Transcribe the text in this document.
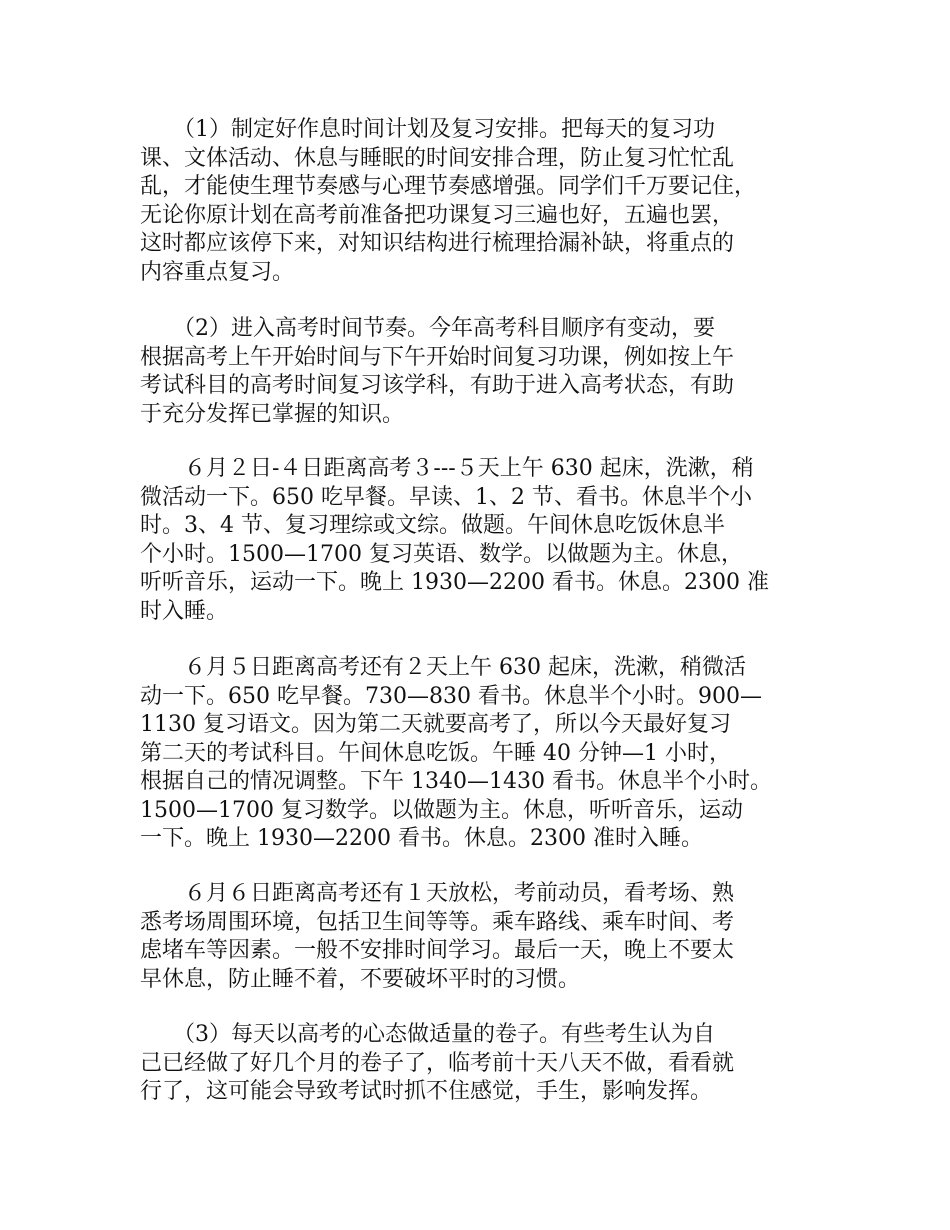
　　（1）制定好作息时间计划及复习安排。把每天的复习功
课、文体活动、休息与睡眠的时间安排合理，防止复习忙忙乱
乱，才能使生理节奏感与心理节奏感增强。同学们千万要记住，
无论你原计划在高考前准备把功课复习三遍也好，五遍也罢，
这时都应该停下来，对知识结构进行梳理拾漏补缺，将重点的
内容重点复习。

　　（2）进入高考时间节奏。今年高考科目顺序有变动，要
根据高考上午开始时间与下午开始时间复习功课，例如按上午
考试科目的高考时间复习该学科，有助于进入高考状态，有助
于充分发挥已掌握的知识。

　　６月２日-４日距离高考３---５天上午 630 起床，洗漱，稍
微活动一下。650 吃早餐。早读、1、2 节、看书。休息半个小
时。3、4 节、复习理综或文综。做题。午间休息吃饭休息半
个小时。1500—1700 复习英语、数学。以做题为主。休息，
听听音乐，运动一下。晚上 1930—2200 看书。休息。2300 准
时入睡。

　　６月５日距离高考还有２天上午 630 起床，洗漱，稍微活
动一下。650 吃早餐。730—830 看书。休息半个小时。900—
1130 复习语文。因为第二天就要高考了，所以今天最好复习
第二天的考试科目。午间休息吃饭。午睡 40 分钟—1 小时，
根据自己的情况调整。下午 1340—1430 看书。休息半个小时。
1500—1700 复习数学。以做题为主。休息，听听音乐，运动
一下。晚上 1930—2200 看书。休息。2300 准时入睡。

　　６月６日距离高考还有１天放松，考前动员，看考场、熟
悉考场周围环境，包括卫生间等等。乘车路线、乘车时间、考
虑堵车等因素。一般不安排时间学习。最后一天，晚上不要太
早休息，防止睡不着，不要破坏平时的习惯。

　　（3）每天以高考的心态做适量的卷子。有些考生认为自
己已经做了好几个月的卷子了，临考前十天八天不做，看看就
行了，这可能会导致考试时抓不住感觉，手生，影响发挥。
